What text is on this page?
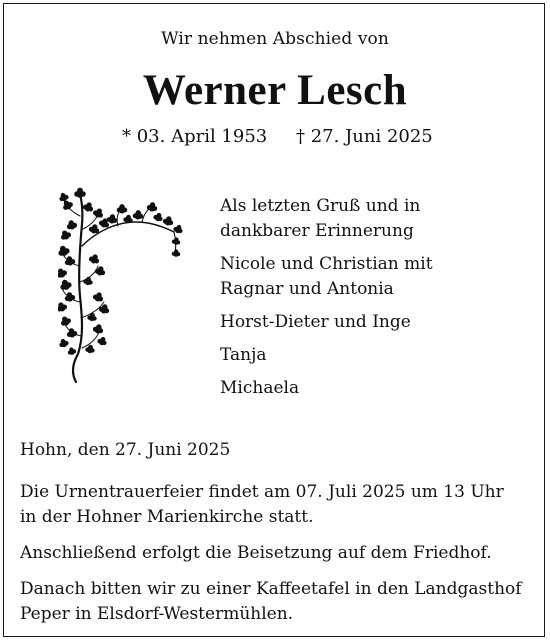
Wir nehmen Abschied von
Werner Lesch
* 03. April 1953 † 27. Juni 2025
Als letzten Gruß und in
dankbarer Erinnerung
Nicole und Christian mit
Ragnar und Antonia
Horst-Dieter und Inge
Tanja
Michaela
Hohn, den 27. Juni 2025

Die Urnentrauerfeier findet am 07. Juli 2025 um 13 Uhr
in der Hohner Marienkirche statt.

Anschließend erfolgt die Beisetzung auf dem Friedhof.

Danach bitten wir zu einer Kaffeetafel in den Landgasthof
Peper in Elsdorf-Westermühlen.
